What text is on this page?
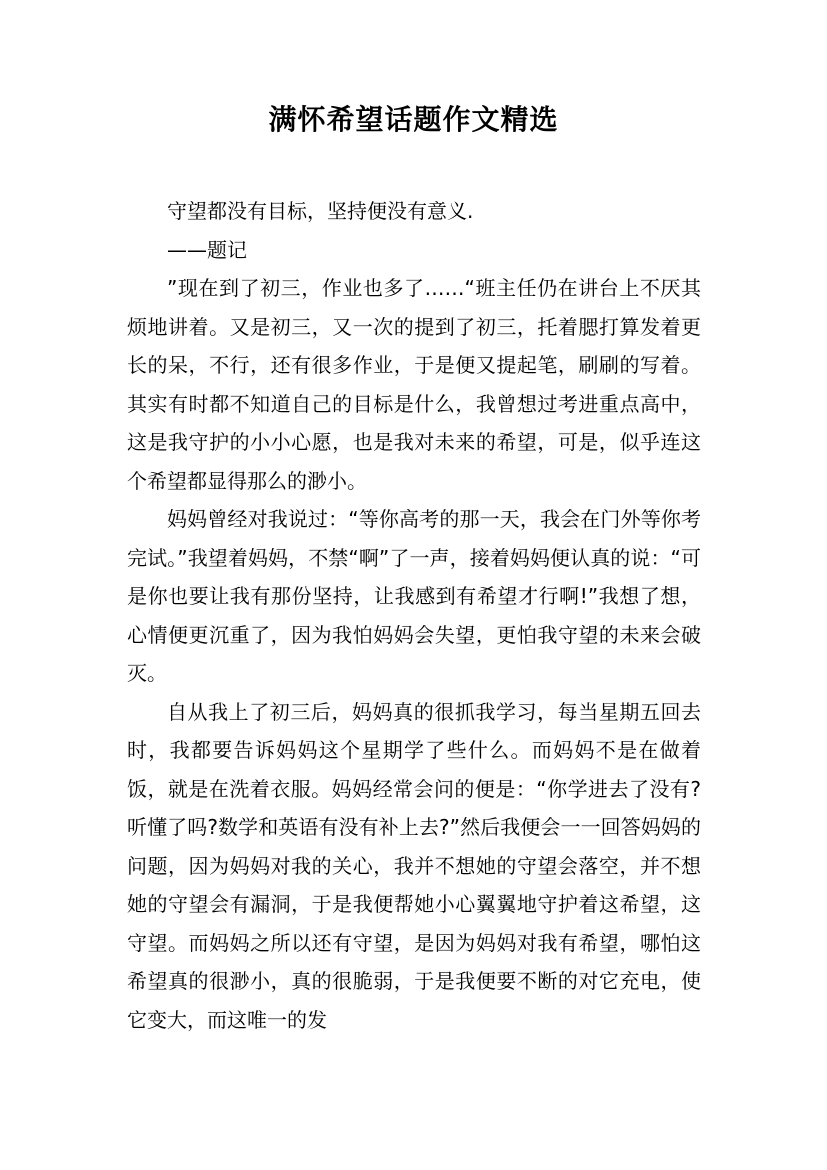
满怀希望话题作文精选

守望都没有目标，坚持便没有意义.

——题记

”现在到了初三，作业也多了……“班主任仍在讲台上不厌其烦地讲着。又是初三，又一次的提到了初三，托着腮打算发着更长的呆，不行，还有很多作业，于是便又提起笔，刷刷的写着。其实有时都不知道自己的目标是什么，我曾想过考进重点高中，这是我守护的小小心愿，也是我对未来的希望，可是，似乎连这个希望都显得那么的渺小。

妈妈曾经对我说过：“等你高考的那一天，我会在门外等你考完试。”我望着妈妈，不禁“啊”了一声，接着妈妈便认真的说：“可是你也要让我有那份坚持，让我感到有希望才行啊!”我想了想，心情便更沉重了，因为我怕妈妈会失望，更怕我守望的未来会破灭。

自从我上了初三后，妈妈真的很抓我学习，每当星期五回去时，我都要告诉妈妈这个星期学了些什么。而妈妈不是在做着饭，就是在洗着衣服。妈妈经常会问的便是：“你学进去了没有?听懂了吗?数学和英语有没有补上去?”然后我便会一一回答妈妈的问题，因为妈妈对我的关心，我并不想她的守望会落空，并不想她的守望会有漏洞，于是我便帮她小心翼翼地守护着这希望，这守望。而妈妈之所以还有守望，是因为妈妈对我有希望，哪怕这希望真的很渺小，真的很脆弱，于是我便要不断的对它充电，使它变大，而这唯一的发
